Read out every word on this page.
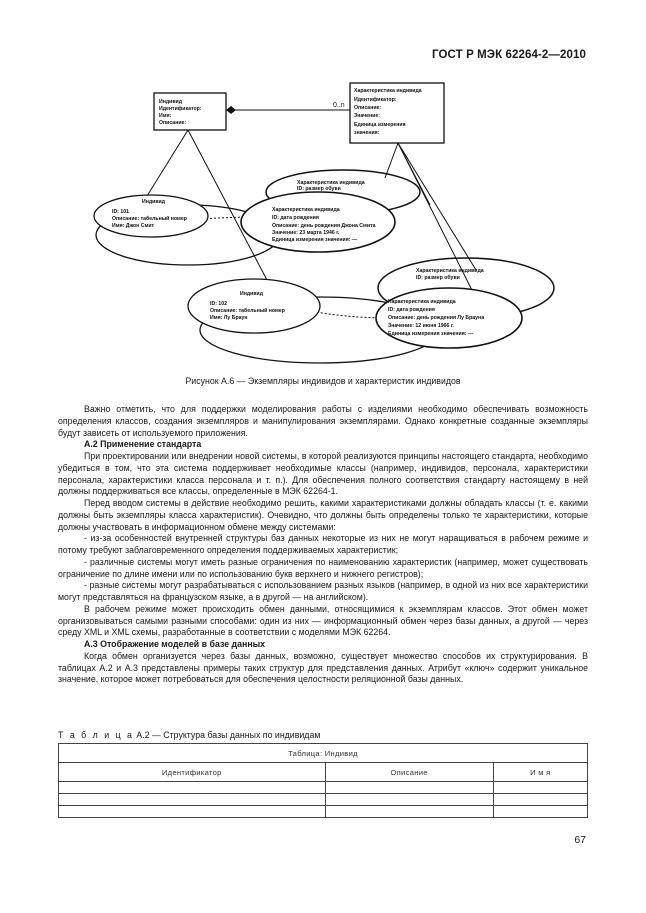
ГОСТ Р МЭК 62264-2—2010
0..n
Индивид
Идентификатор:
Имя:
Описание:
Характеристика индивида
Идентификатор:
Описание:
Значение:
Единица измерения
значения:
Индивид
ID: 101
Описание: табельный номер
Имя: Джон Смит
Индивид
ID: 102
Описание: табельный номер
Имя: Лу Браун
Характеристика индивида
ID: размер обуви
Характеристика индивида
ID: дата рождения
Описание: день рождения Джона Смита
Значение: 23 марта 1946 г.
Единица измерения значения: —
Характеристика индивида
ID: размер обуви
Характеристика индивида
ID: дата рождения
Описание: день рождения Лу Брауна
Значение: 12 июня 1966 г.
Единица измерения значения: —
Рисунок А.6 — Экземпляры индивидов и характеристик индивидов

Важно отметить, что для поддержки моделирования работы с изделиями необходимо обеспечивать возможность определения классов, создания экземпляров и манипулирования экземплярами. Однако конкретные созданные экземпляры будут зависеть от используемого приложения.

А.2 Применение стандарта

При проектировании или внедрении новой системы, в которой реализуются принципы настоящего стандарта, необходимо убедиться в том, что эта система поддерживает необходимые классы (например, индивидов, персонала, характеристики персонала, характеристики класса персонала и т. п.). Для обеспечения полного соответствия стандарту настоящему в ней должны поддерживаться все классы, определенные в МЭК 62264-1.

Перед вводом системы в действие необходимо решить, какими характеристиками должны обладать классы (т. е. какими должны быть экземпляры класса характеристик). Очевидно, что должны быть определены только те характеристики, которые должны участвовать в информационном обмене между системами:

- из-за особенностей внутренней структуры баз данных некоторые из них не могут наращиваться в рабочем режиме и потому требуют заблаговременного определения поддерживаемых характеристик;

- различные системы могут иметь разные ограничения по наименованию характеристик (например, может существовать ограничение по длине имени или по использованию букв верхнего и нижнего регистров);

- разные системы могут разрабатываться с использованием разных языков (например, в одной из них все характеристики могут представляться на французском языке, а в другой — на английском).

В рабочем режиме может происходить обмен данными, относящимися к экземплярам классов. Этот обмен может организовываться самыми разными способами: один из них — информационный обмен через базы данных, а другой — через среду XML и XML схемы, разработанные в соответствии с моделями МЭК 62264.

А.3 Отображение моделей в базе данных

Когда обмен организуется через базы данных, возможно, существует множество способов их структурирования. В таблицах А.2 и А.3 представлены примеры таких структур для представления данных. Атрибут «ключ» содержит уникальное значение, которое может потребоваться для обеспечения целостности реляционной базы данных.

Т а б л и ц а А.2 — Структура базы данных по индивидам
Таблица: Индивид		
Идентификатор	Описание	И м я

67
